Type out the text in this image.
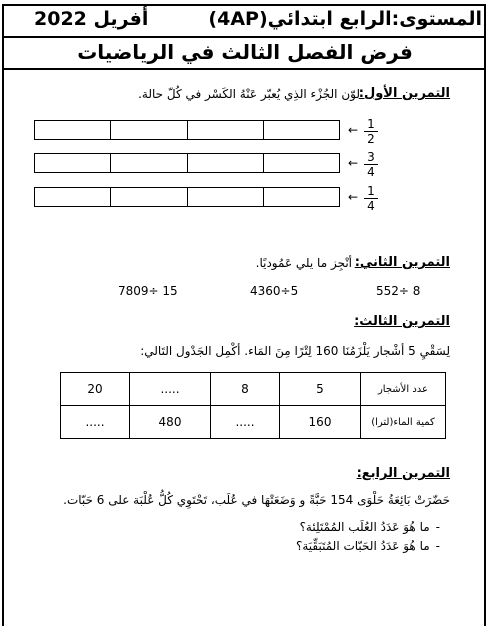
المستوى:الرابع ابتدائي(4AP)
أفريل 2022
فرض الفصل الثالث في الرياضيات
التمرين الأول:
لوّن الجُزْء الذِي يُعبّر عَنْهُ الكَسْر في كُلّ حالة.
← $\frac{1}{2}$
← $\frac{3}{4}$
← $\frac{1}{4}$
التمرين الثاني:
أنْجِز ما يلي عَمُوديًا.
552÷ 8
4360÷5
7809÷ 15
التمرين الثالث:
لِسَقْيِ 5 أشْجار يَلْزَمُنَا 160 لِتْرًا مِنَ المَاء. أكْمِل الجَدْول التَالي:
20	.....	8	5	عدد الأشجار
.....	480	.....	160	كمية الماء(لترا)
التمرين الرابع:
حَضّرَتْ بَائِعَةُ حَلْوَى 154 حَبَّةً و وَضَعَتْهَا في عُلَب، تَحْتَوِي كُلُّ عُلْبَة على 6 حَبّات.
-
ما هُوَ عَدَدُ العُلَب المُمْتَلِئة؟
-
ما هُوَ عَدَدُ الحَبّات المُتَبَقِّيَة؟
